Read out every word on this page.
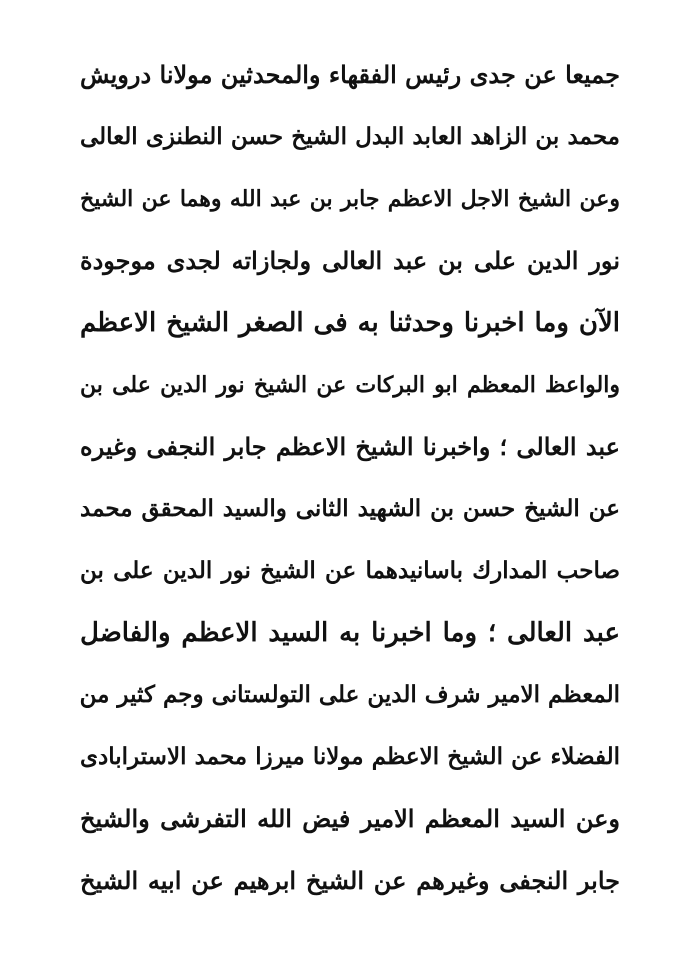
جميعا عن جدى رئيس الفقهاء والمحدثين مولانا درويش
محمد بن الزاهد العابد البدل الشيخ حسن النطنزى العالى
وعن الشيخ الاجل الاعظم جابر بن عبد الله وهما عن الشيخ
نور الدين على بن عبد العالى ولجازاته لجدى موجودة
الآن وما اخبرنا وحدثنا به فى الصغر الشيخ الاعظم
والواعظ المعظم ابو البركات عن الشيخ نور الدين على بن
عبد العالى ؛ واخبرنا الشيخ الاعظم جابر النجفى وغيره
عن الشيخ حسن بن الشهيد الثانى والسيد المحقق محمد
صاحب المدارك باسانيدهما عن الشيخ نور الدين على بن
عبد العالى ؛ وما اخبرنا به السيد الاعظم والفاضل
المعظم الامير شرف الدين على التولستانى وجم كثير من
الفضلاء عن الشيخ الاعظم مولانا ميرزا محمد الاسترابادى
وعن السيد المعظم الامير فيض الله التفرشى والشيخ
جابر النجفى وغيرهم عن الشيخ ابرهيم عن ابيه الشيخ
